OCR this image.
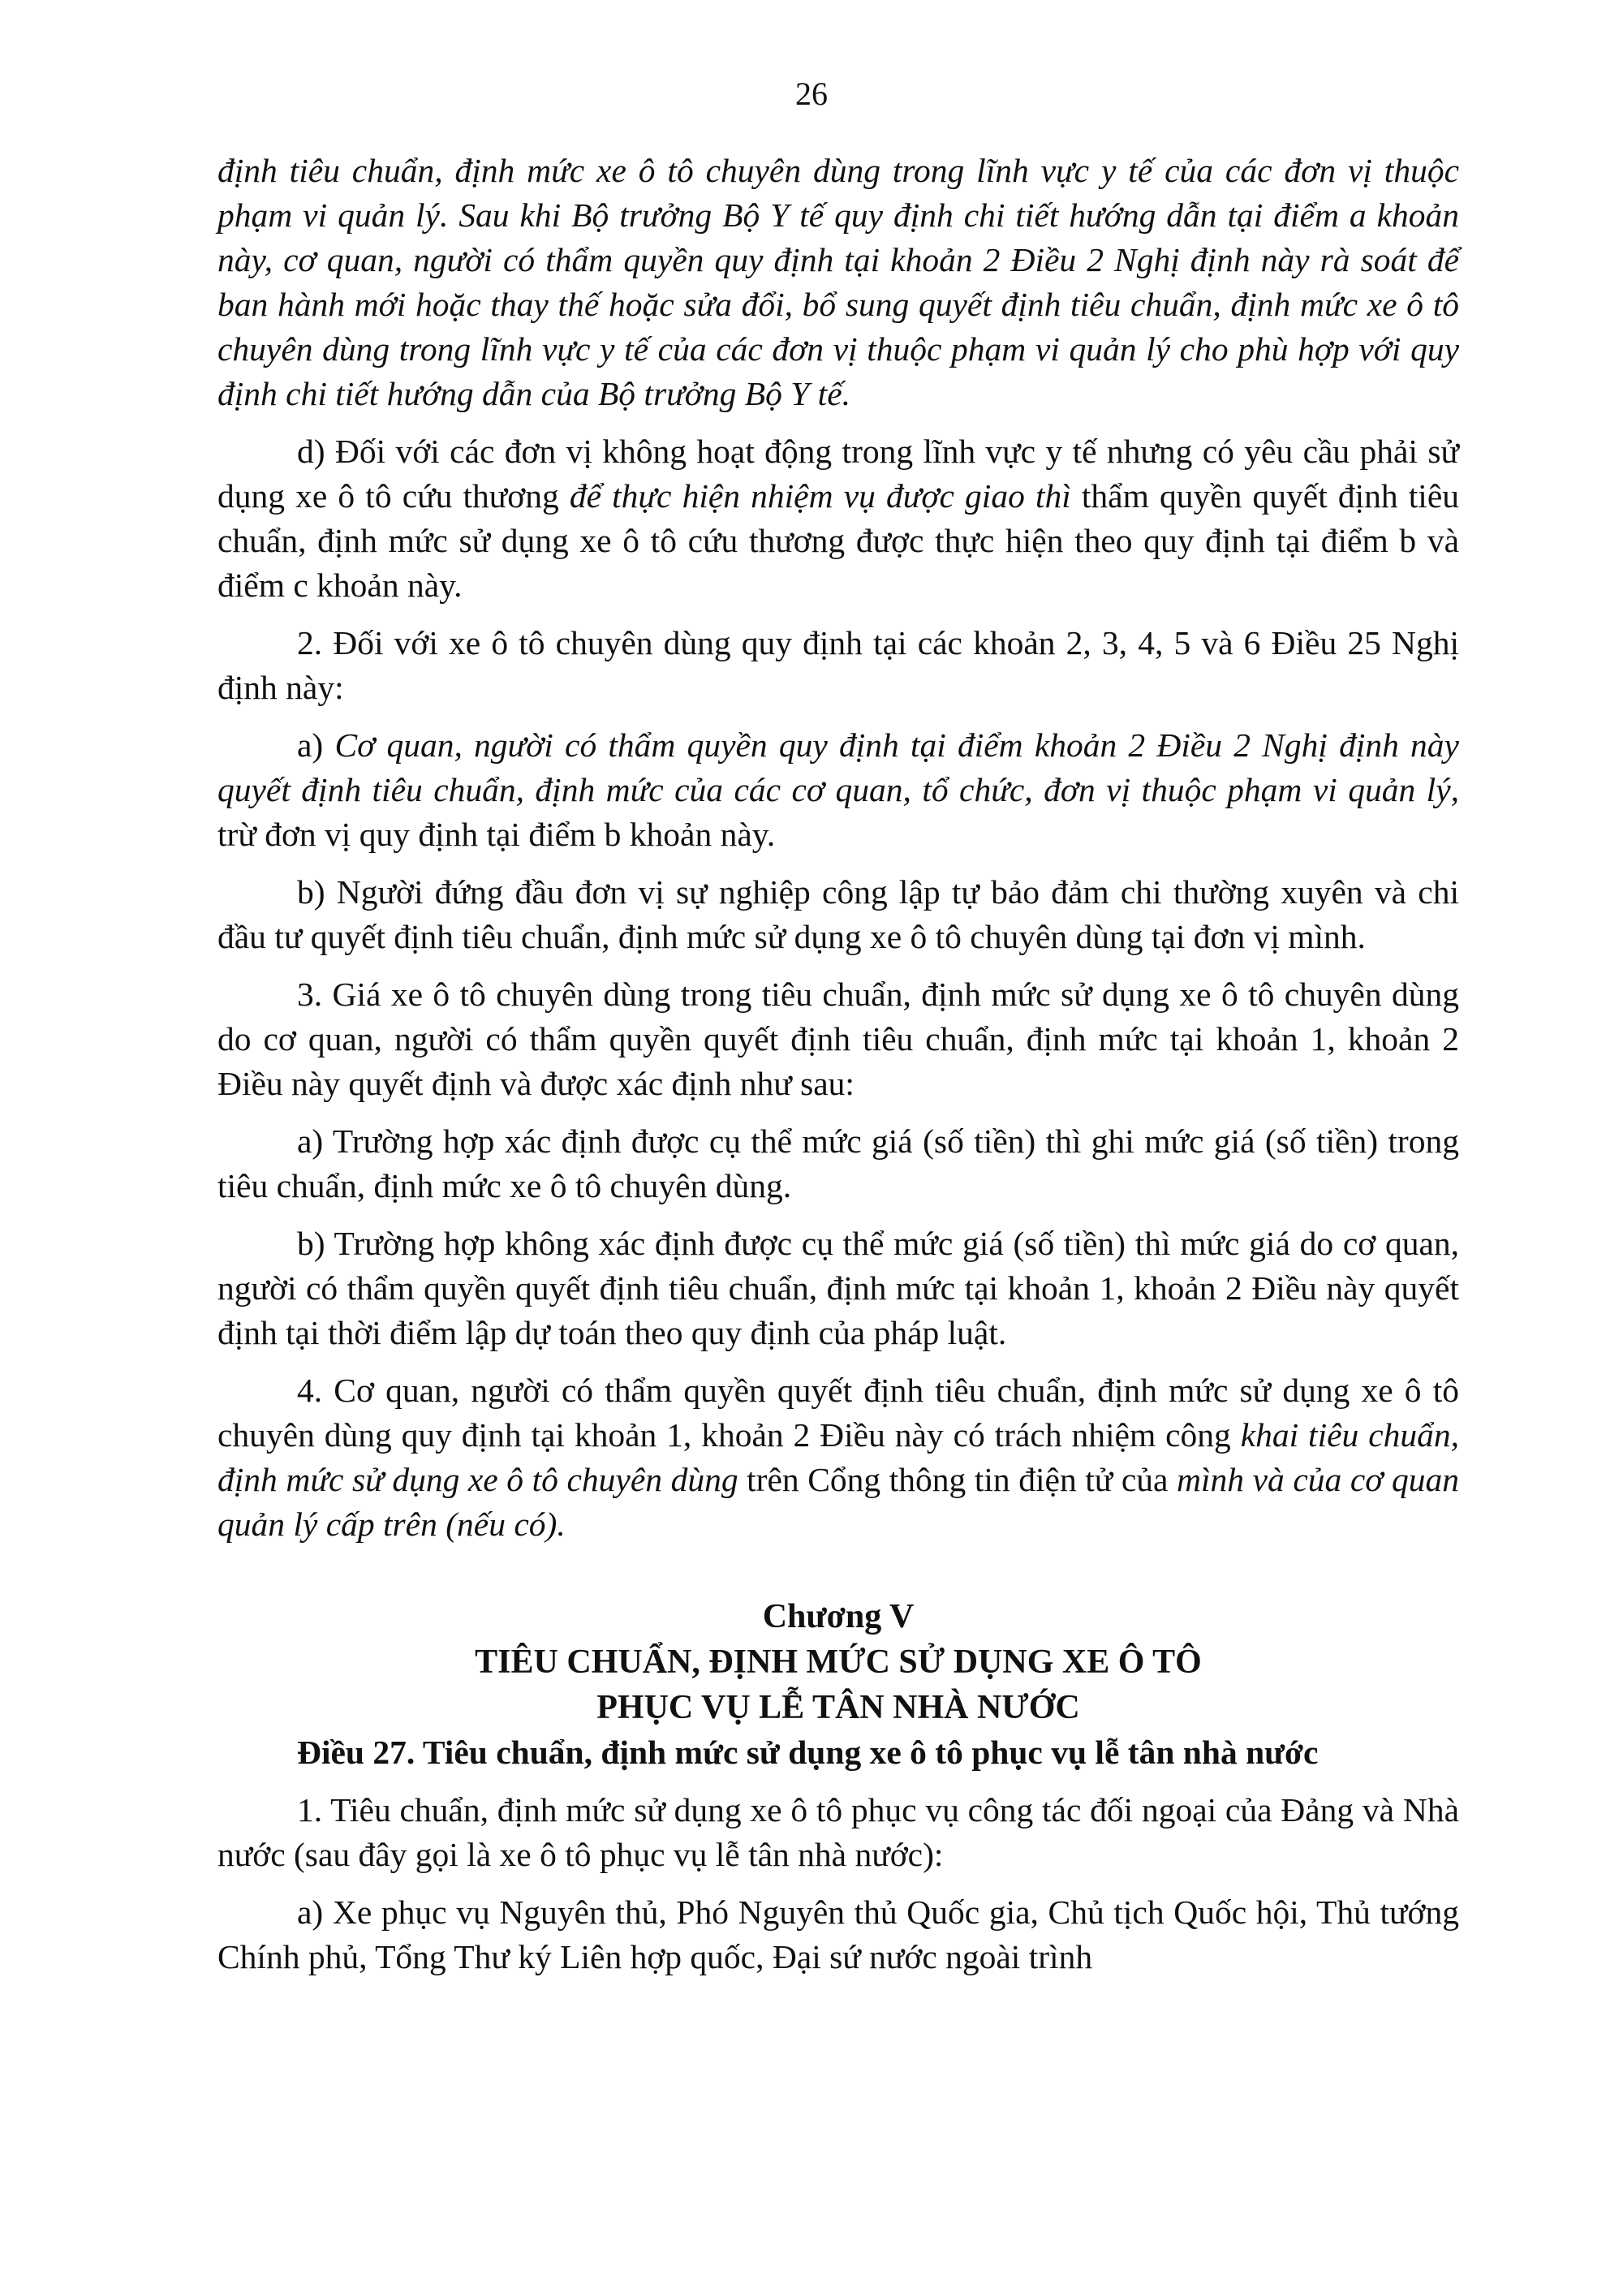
26

định tiêu chuẩn, định mức xe ô tô chuyên dùng trong lĩnh vực y tế của các đơn vị thuộc phạm vi quản lý. Sau khi Bộ trưởng Bộ Y tế quy định chi tiết hướng dẫn tại điểm a khoản này, cơ quan, người có thẩm quyền quy định tại khoản 2 Điều 2 Nghị định này rà soát để ban hành mới hoặc thay thế hoặc sửa đổi, bổ sung quyết định tiêu chuẩn, định mức xe ô tô chuyên dùng trong lĩnh vực y tế của các đơn vị thuộc phạm vi quản lý cho phù hợp với quy định chi tiết hướng dẫn của Bộ trưởng Bộ Y tế.

d) Đối với các đơn vị không hoạt động trong lĩnh vực y tế nhưng có yêu cầu phải sử dụng xe ô tô cứu thương để thực hiện nhiệm vụ được giao thì thẩm quyền quyết định tiêu chuẩn, định mức sử dụng xe ô tô cứu thương được thực hiện theo quy định tại điểm b và điểm c khoản này.

2. Đối với xe ô tô chuyên dùng quy định tại các khoản 2, 3, 4, 5 và 6 Điều 25 Nghị định này:

a) Cơ quan, người có thẩm quyền quy định tại điểm khoản 2 Điều 2 Nghị định này quyết định tiêu chuẩn, định mức của các cơ quan, tổ chức, đơn vị thuộc phạm vi quản lý, trừ đơn vị quy định tại điểm b khoản này.

b) Người đứng đầu đơn vị sự nghiệp công lập tự bảo đảm chi thường xuyên và chi đầu tư quyết định tiêu chuẩn, định mức sử dụng xe ô tô chuyên dùng tại đơn vị mình.

3. Giá xe ô tô chuyên dùng trong tiêu chuẩn, định mức sử dụng xe ô tô chuyên dùng do cơ quan, người có thẩm quyền quyết định tiêu chuẩn, định mức tại khoản 1, khoản 2 Điều này quyết định và được xác định như sau:

a) Trường hợp xác định được cụ thể mức giá (số tiền) thì ghi mức giá (số tiền) trong tiêu chuẩn, định mức xe ô tô chuyên dùng.

b) Trường hợp không xác định được cụ thể mức giá (số tiền) thì mức giá do cơ quan, người có thẩm quyền quyết định tiêu chuẩn, định mức tại khoản 1, khoản 2 Điều này quyết định tại thời điểm lập dự toán theo quy định của pháp luật.

4. Cơ quan, người có thẩm quyền quyết định tiêu chuẩn, định mức sử dụng xe ô tô chuyên dùng quy định tại khoản 1, khoản 2 Điều này có trách nhiệm công khai tiêu chuẩn, định mức sử dụng xe ô tô chuyên dùng trên Cổng thông tin điện tử của mình và của cơ quan quản lý cấp trên (nếu có).

Chương V
TIÊU CHUẨN, ĐỊNH MỨC SỬ DỤNG XE Ô TÔ
PHỤC VỤ LỄ TÂN NHÀ NƯỚC

Điều 27. Tiêu chuẩn, định mức sử dụng xe ô tô phục vụ lễ tân nhà nước

1. Tiêu chuẩn, định mức sử dụng xe ô tô phục vụ công tác đối ngoại của Đảng và Nhà nước (sau đây gọi là xe ô tô phục vụ lễ tân nhà nước):

a) Xe phục vụ Nguyên thủ, Phó Nguyên thủ Quốc gia, Chủ tịch Quốc hội, Thủ tướng Chính phủ, Tổng Thư ký Liên hợp quốc, Đại sứ nước ngoài trình
